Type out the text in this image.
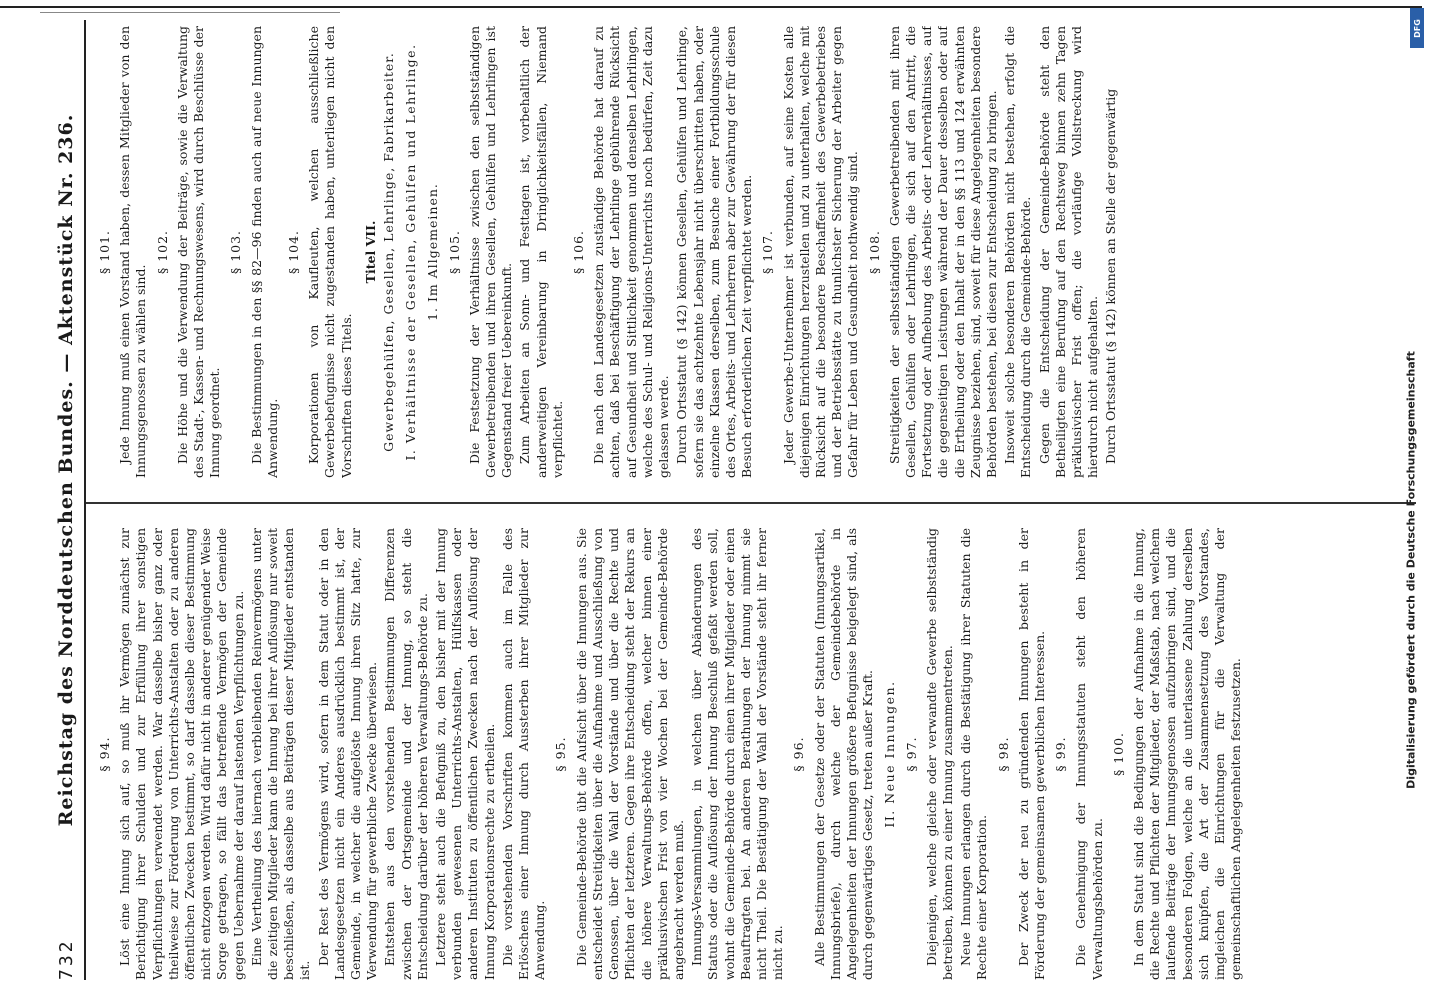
732
Reichstag des Norddeutschen Bundes. — Aktenstück Nr. 236. § 94. Löst eine Innung sich auf, so muß ihr Vermögen zunächst zur Berichtigung ihrer Schulden und zur Erfüllung ihrer sonstigen Verpflichtungen verwendet werden. War dasselbe bisher ganz oder theilweise zur Förderung von Unterrichts-Anstalten oder zu anderen öffentlichen Zwecken bestimmt, so darf dasselbe dieser Bestimmung nicht entzogen werden. Wird dafür nicht in anderer genügender Weise Sorge getragen, so fällt das betreffende Vermögen der Gemeinde gegen Uebernahme der darauf lastenden Verpflichtungen zu. Eine Vertheilung des hiernach verbleibenden Reinvermögens unter die zeitigen Mitglieder kann die Innung bei ihrer Auflösung nur soweit beschließen, als dasselbe aus Beiträgen dieser Mitglieder entstanden ist.

Der Rest des Vermögens wird, sofern in dem Statut oder in den Landesgesetzen nicht ein Anderes ausdrücklich bestimmt ist, der Gemeinde, in welcher die aufgelöste Innung ihren Sitz hatte, zur Verwendung für gewerbliche Zwecke überwiesen. Entstehen aus den vorstehenden Bestimmungen Differenzen zwischen der Ortsgemeinde und der Innung, so steht die Entscheidung darüber der höheren Verwaltungs-Behörde zu. Letztere steht auch die Befugniß zu, den bisher mit der Innung verbunden gewesenen Unterrichts-Anstalten, Hülfskassen oder anderen Instituten zu öffentlichen Zwecken nach der Auflösung der Innung Korporationsrechte zu ertheilen. Die vorstehenden Vorschriften kommen auch im Falle des Erlöschens einer Innung durch Aussterben ihrer Mitglieder zur Anwendung.

§ 95. Die Gemeinde-Behörde übt die Aufsicht über die Innungen aus. Sie entscheidet Streitigkeiten über die Aufnahme und Ausschließung von Genossen, über die Wahl der Vorstände und über die Rechte und Pflichten der letzteren. Gegen ihre Entscheidung steht der Rekurs an die höhere Verwaltungs-Behörde offen, welcher binnen einer präklusivischen Frist von vier Wochen bei der Gemeinde-Behörde angebracht werden muß. Innungs-Versammlungen, in welchen über Abänderungen des Statuts oder die Auflösung der Innung Beschluß gefaßt werden soll, wohnt die Gemeinde-Behörde durch einen ihrer Mitglieder oder einen Beauftragten bei. An anderen Berathungen der Innung nimmt sie nicht Theil. Die Bestätigung der Wahl der Vorstände steht ihr ferner nicht zu.

§ 96. Alle Bestimmungen der Gesetze oder der Statuten (Innungsartikel, Innungsbriefe), durch welche der Gemeindebehörde in Angelegenheiten der Innungen größere Befugnisse beigelegt sind, als durch gegenwärtiges Gesetz, treten außer Kraft. II. Neue Innungen. § 97. Diejenigen, welche gleiche oder verwandte Gewerbe selbstständig betreiben, können zu einer Innung zusammentreten. Neue Innungen erlangen durch die Bestätigung ihrer Statuten die Rechte einer Korporation.

§ 98. Der Zweck der neu zu gründenden Innungen besteht in der Förderung der gemeinsamen gewerblichen Interessen. § 99. Die Genehmigung der Innungsstatuten steht den höheren Verwaltungsbehörden zu.

§ 100. In dem Statut sind die Bedingungen der Aufnahme in die Innung, die Rechte und Pflichten der Mitglieder, der Maßstab, nach welchem laufende Beiträge der Innungsgenossen aufzubringen sind, und die besonderen Folgen, welche an die unterlassene Zahlung derselben sich knüpfen, die Art der Zusammensetzung des Vorstandes, imgleichen die Einrichtungen für die Verwaltung der gemeinschaftlichen Angelegenheiten festzusetzen.

§ 101. Jede Innung muß einen Vorstand haben, dessen Mitglieder von den Innungsgenossen zu wählen sind.

§ 102. Die Höhe und die Verwendung der Beiträge, sowie die Verwaltung des Stadt-, Kassen- und Rechnungswesens, wird durch Beschlüsse der Innung geordnet.

§ 103. Die Bestimmungen in den §§ 82—96 finden auch auf neue Innungen Anwendung.

§ 104. Korporationen von Kaufleuten, welchen ausschließliche Gewerbebefugnisse nicht zugestanden haben, unterliegen nicht den Vorschriften dieses Titels.

Titel VII. Gewerbegehülfen, Gesellen, Lehrlinge, Fabrikarbeiter. I. Verhältnisse der Gesellen, Gehülfen und Lehrlinge. 1. Im Allgemeinen. § 105. Die Festsetzung der Verhältnisse zwischen den selbstständigen Gewerbetreibenden und ihren Gesellen, Gehülfen und Lehrlingen ist Gegenstand freier Uebereinkunft. Zum Arbeiten an Sonn- und Festtagen ist, vorbehaltlich der anderweitigen Vereinbarung in Dringlichkeitsfällen, Niemand verpflichtet.

§ 106. Die nach den Landesgesetzen zuständige Behörde hat darauf zu achten, daß bei Beschäftigung der Lehrlinge gebührende Rücksicht auf Gesundheit und Sittlichkeit genommen und denselben Lehrlingen, welche des Schul- und Religions-Unterrichts noch bedürfen, Zeit dazu gelassen werde. Durch Ortsstatut (§ 142) können Gesellen, Gehülfen und Lehrlinge, sofern sie das achtzehnte Lebensjahr nicht überschritten haben, oder einzelne Klassen derselben, zum Besuche einer Fortbildungsschule des Ortes, Arbeits- und Lehrherren aber zur Gewährung der für diesen Besuch erforderlichen Zeit verpflichtet werden. § 107. Jeder Gewerbe-Unternehmer ist verbunden, auf seine Kosten alle diejenigen Einrichtungen herzustellen und zu unterhalten, welche mit Rücksicht auf die besondere Beschaffenheit des Gewerbebetriebes und der Betriebsstätte zu thunlichster Sicherung der Arbeiter gegen Gefahr für Leben und Gesundheit nothwendig sind. § 108. Streitigkeiten der selbstständigen Gewerbetreibenden mit ihren Gesellen, Gehülfen oder Lehrlingen, die sich auf den Antritt, die Fortsetzung oder Aufhebung des Arbeits- oder Lehrverhältnisses, auf die gegenseitigen Leistungen während der Dauer desselben oder auf die Ertheilung oder den Inhalt der in den §§ 113 und 124 erwähnten Zeugnisse beziehen, sind, soweit für diese Angelegenheiten besondere Behörden bestehen, bei diesen zur Entscheidung zu bringen. Insoweit solche besonderen Behörden nicht bestehen, erfolgt die Entscheidung durch die Gemeinde-Behörde. Gegen die Entscheidung der Gemeinde-Behörde steht den Betheiligten eine Berufung auf den Rechtsweg binnen zehn Tagen präklusivischer Frist offen; die vorläufige Vollstreckung wird hierdurch nicht aufgehalten. Durch Ortsstatut (§ 142) können an Stelle der gegenwärtig

Digitalisierung gefördert durch die Deutsche Forschungsgemeinschaft
DFG
